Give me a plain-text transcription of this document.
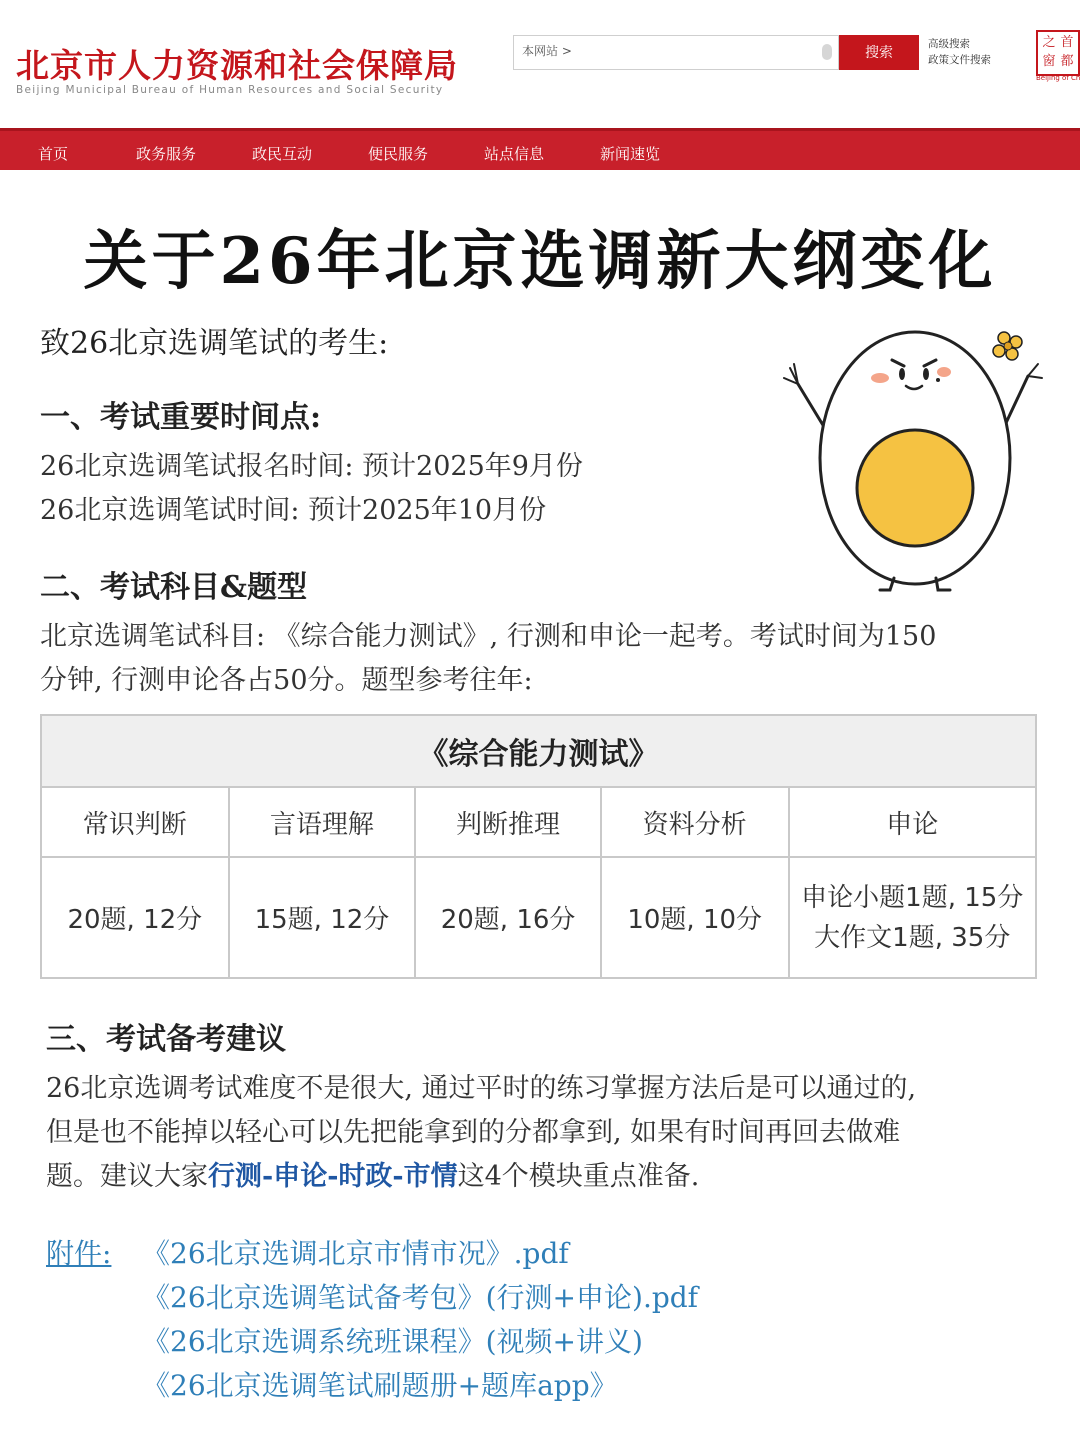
北京市人力资源和社会保障局
Beijing Municipal Bureau of Human Resources and Social Security
本网站 >	搜索	高级搜索
政策文件搜索
之 首
窗 都
Beijing of Ch
首页	政务服务	政民互动	便民服务	站点信息	新闻速览
关于26年北京选调新大纲变化
致26北京选调笔试的考生:
一、考试重要时间点:
26北京选调笔试报名时间: 预计2025年9月份
26北京选调笔试时间: 预计2025年10月份
二、考试科目&题型
北京选调笔试科目: 《综合能力测试》, 行测和申论一起考。考试时间为150
分钟, 行测申论各占50分。题型参考往年:
《综合能力测试》				
常识判断	言语理解	判断推理	资料分析	申论
20题, 12分	15题, 12分	20题, 16分	10题, 10分	申论小题1题, 15分
大作文1题, 35分
三、考试备考建议
26北京选调考试难度不是很大, 通过平时的练习掌握方法后是可以通过的,
但是也不能掉以轻心可以先把能拿到的分都拿到, 如果有时间再回去做难
题。建议大家行测-申论-时政-市情这4个模块重点准备.
附件: 《26北京选调北京市情市况》.pdf
《26北京选调笔试备考包》(行测+申论).pdf
《26北京选调系统班课程》(视频+讲义)
《26北京选调笔试刷题册+题库app》
